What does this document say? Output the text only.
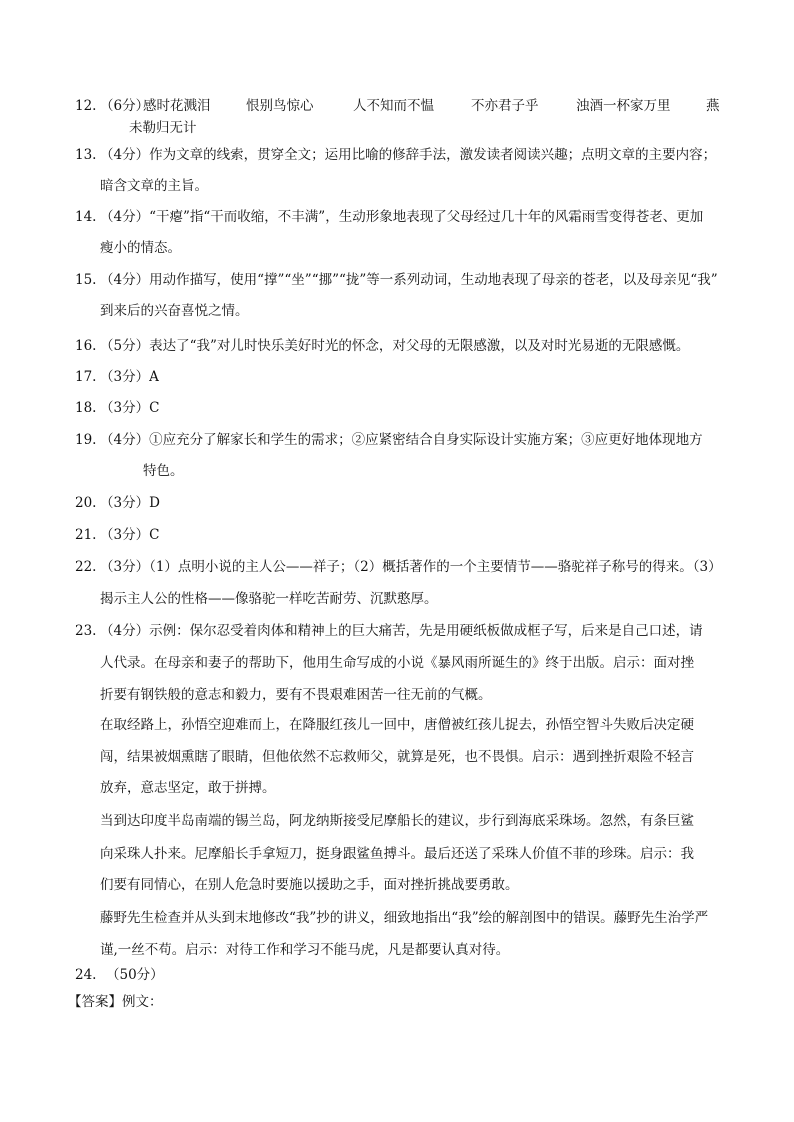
12. （6分）
感时花溅泪	恨别鸟惊心	人不知而不愠	不亦君子乎	浊酒一杯家万里	燕
未勒归无计
13. （4分）作为文章的线索，贯穿全文；运用比喻的修辞手法，激发读者阅读兴趣；点明文章的主要内容；
暗含文章的主旨。
14. （4分）“干瘪”指“干而收缩，不丰满”，生动形象地表现了父母经过几十年的风霜雨雪变得苍老、更加
瘦小的情态。
15. （4分）用动作描写，使用“撑”“坐”“挪”“拢”等一系列动词，生动地表现了母亲的苍老，以及母亲见“我”
到来后的兴奋喜悦之情。
16. （5分）表达了“我”对儿时快乐美好时光的怀念，对父母的无限感激，以及对时光易逝的无限感慨。
17. （3分）A
18. （3分）C
19. （4分）①应充分了解家长和学生的需求；②应紧密结合自身实际设计实施方案；③应更好地体现地方
特色。
20. （3分）D
21. （3分）C
22. （3分）（1）点明小说的主人公——祥子；（2）概括著作的一个主要情节——骆驼祥子称号的得来。（3）
揭示主人公的性格——像骆驼一样吃苦耐劳、沉默憨厚。
23. （4分）示例：保尔忍受着肉体和精神上的巨大痛苦，先是用硬纸板做成框子写，后来是自己口述，请
人代录。在母亲和妻子的帮助下，他用生命写成的小说《暴风雨所诞生的》终于出版。启示：面对挫
折要有钢铁般的意志和毅力，要有不畏艰难困苦一往无前的气概。
在取经路上，孙悟空迎难而上，在降服红孩儿一回中，唐僧被红孩儿捉去，孙悟空智斗失败后决定硬
闯，结果被烟熏瞎了眼睛，但他依然不忘救师父，就算是死，也不畏惧。启示：遇到挫折艰险不轻言
放弃，意志坚定，敢于拼搏。
当到达印度半岛南端的锡兰岛，阿龙纳斯接受尼摩船长的建议，步行到海底采珠场。忽然，有条巨鲨
向采珠人扑来。尼摩船长手拿短刀，挺身跟鲨鱼搏斗。最后还送了采珠人价值不菲的珍珠。启示：我
们要有同情心，在别人危急时要施以援助之手，面对挫折挑战要勇敢。
藤野先生检查并从头到末地修改“我”抄的讲义，细致地指出“我”绘的解剖图中的错误。藤野先生治学严
谨,一丝不苟。启示：对待工作和学习不能马虎，凡是都要认真对待。
24. （50分）
【答案】例文：
